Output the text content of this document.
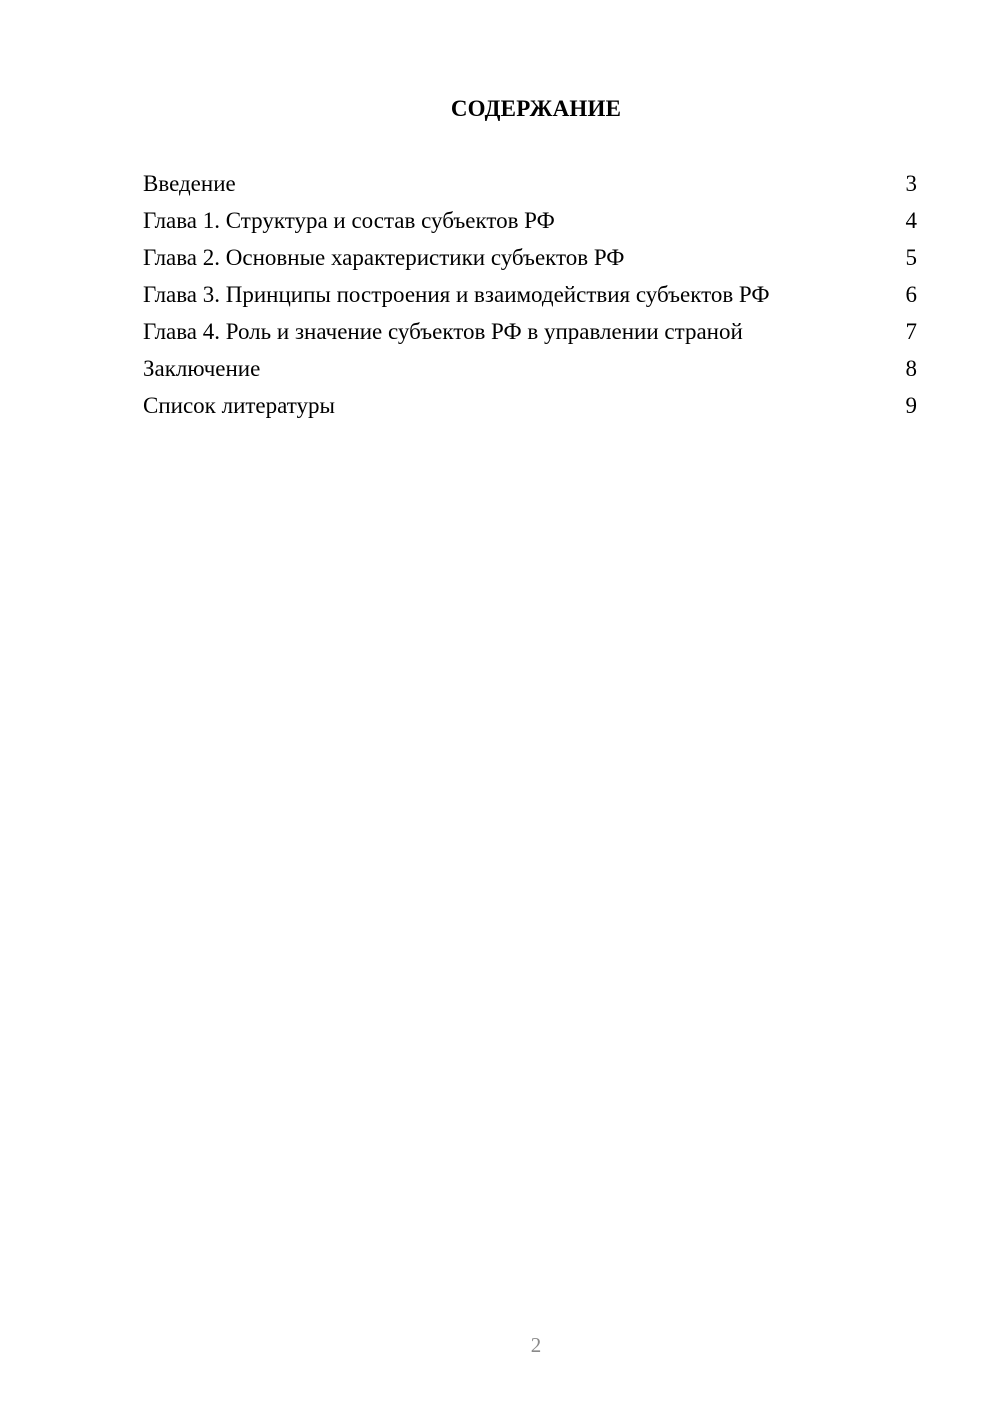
СОДЕРЖАНИЕ
Введение	3
Глава 1. Структура и состав субъектов РФ	4
Глава 2. Основные характеристики субъектов РФ	5
Глава 3. Принципы построения и взаимодействия субъектов РФ	6
Глава 4. Роль и значение субъектов РФ в управлении страной	7
Заключение	8
Список литературы	9
2
